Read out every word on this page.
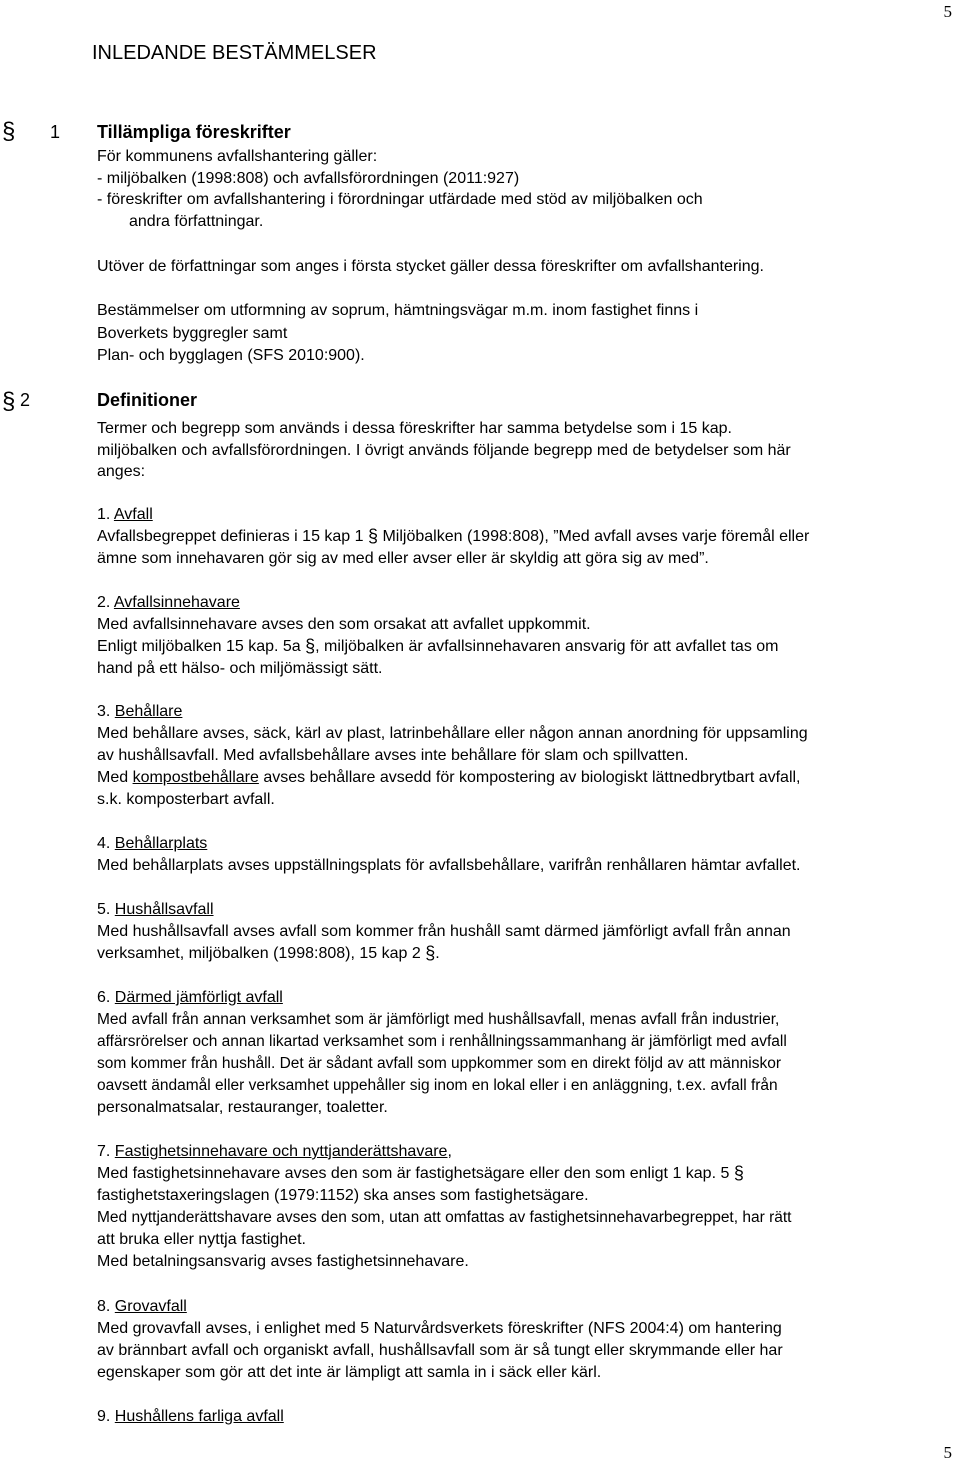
5
INLEDANDE BESTÄMMELSER
§ 1 Tillämpliga föreskrifter
För kommunens avfallshantering gäller:
- miljöbalken (1998:808) och avfallsförordningen (2011:927)
- föreskrifter om avfallshantering i förordningar utfärdade med stöd av miljöbalken och
andra författningar.
Utöver de författningar som anges i första stycket gäller dessa föreskrifter om avfallshantering.
Bestämmelser om utformning av soprum, hämtningsvägar m.m. inom fastighet finns i
Boverkets byggregler samt
Plan- och bygglagen (SFS 2010:900).
§ 2	Definitioner
Termer och begrepp som används i dessa föreskrifter har samma betydelse som i 15 kap.
miljöbalken och avfallsförordningen. I övrigt används följande begrepp med de betydelser som här
anges:
1. Avfall
Avfallsbegreppet definieras i 15 kap 1 § Miljöbalken (1998:808), ”Med avfall avses varje föremål eller
ämne som innehavaren gör sig av med eller avser eller är skyldig att göra sig av med”.
2. Avfallsinnehavare
Med avfallsinnehavare avses den som orsakat att avfallet uppkommit.
Enligt miljöbalken 15 kap. 5a §, miljöbalken är avfallsinnehavaren ansvarig för att avfallet tas om
hand på ett hälso- och miljömässigt sätt.
3. Behållare
Med behållare avses, säck, kärl av plast, latrinbehållare eller någon annan anordning för uppsamling
av hushållsavfall. Med avfallsbehållare avses inte behållare för slam och spillvatten.
Med kompostbehållare avses behållare avsedd för kompostering av biologiskt lättnedbrytbart avfall,
s.k. komposterbart avfall.
4. Behållarplats
Med behållarplats avses uppställningsplats för avfallsbehållare, varifrån renhållaren hämtar avfallet.
5. Hushållsavfall
Med hushållsavfall avses avfall som kommer från hushåll samt därmed jämförligt avfall från annan
verksamhet, miljöbalken (1998:808), 15 kap 2 §.
6. Därmed jämförligt avfall
Med avfall från annan verksamhet som är jämförligt med hushållsavfall, menas avfall från industrier,
affärsrörelser och annan likartad verksamhet som i renhållningssammanhang är jämförligt med avfall
som kommer från hushåll. Det är sådant avfall som uppkommer som en direkt följd av att människor
oavsett ändamål eller verksamhet uppehåller sig inom en lokal eller i en anläggning, t.ex. avfall från
personalmatsalar, restauranger, toaletter.
7. Fastighetsinnehavare och nyttjanderättshavare,
Med fastighetsinnehavare avses den som är fastighetsägare eller den som enligt 1 kap. 5 §
fastighetstaxeringslagen (1979:1152) ska anses som fastighetsägare.
Med nyttjanderättshavare avses den som, utan att omfattas av fastighetsinnehavarbegreppet, har rätt
att bruka eller nyttja fastighet.
Med betalningsansvarig avses fastighetsinnehavare.
8. Grovavfall
Med grovavfall avses, i enlighet med 5 Naturvårdsverkets föreskrifter (NFS 2004:4) om hantering
av brännbart avfall och organiskt avfall, hushållsavfall som är så tungt eller skrymmande eller har
egenskaper som gör att det inte är lämpligt att samla in i säck eller kärl.
9. Hushållens farliga avfall
5
